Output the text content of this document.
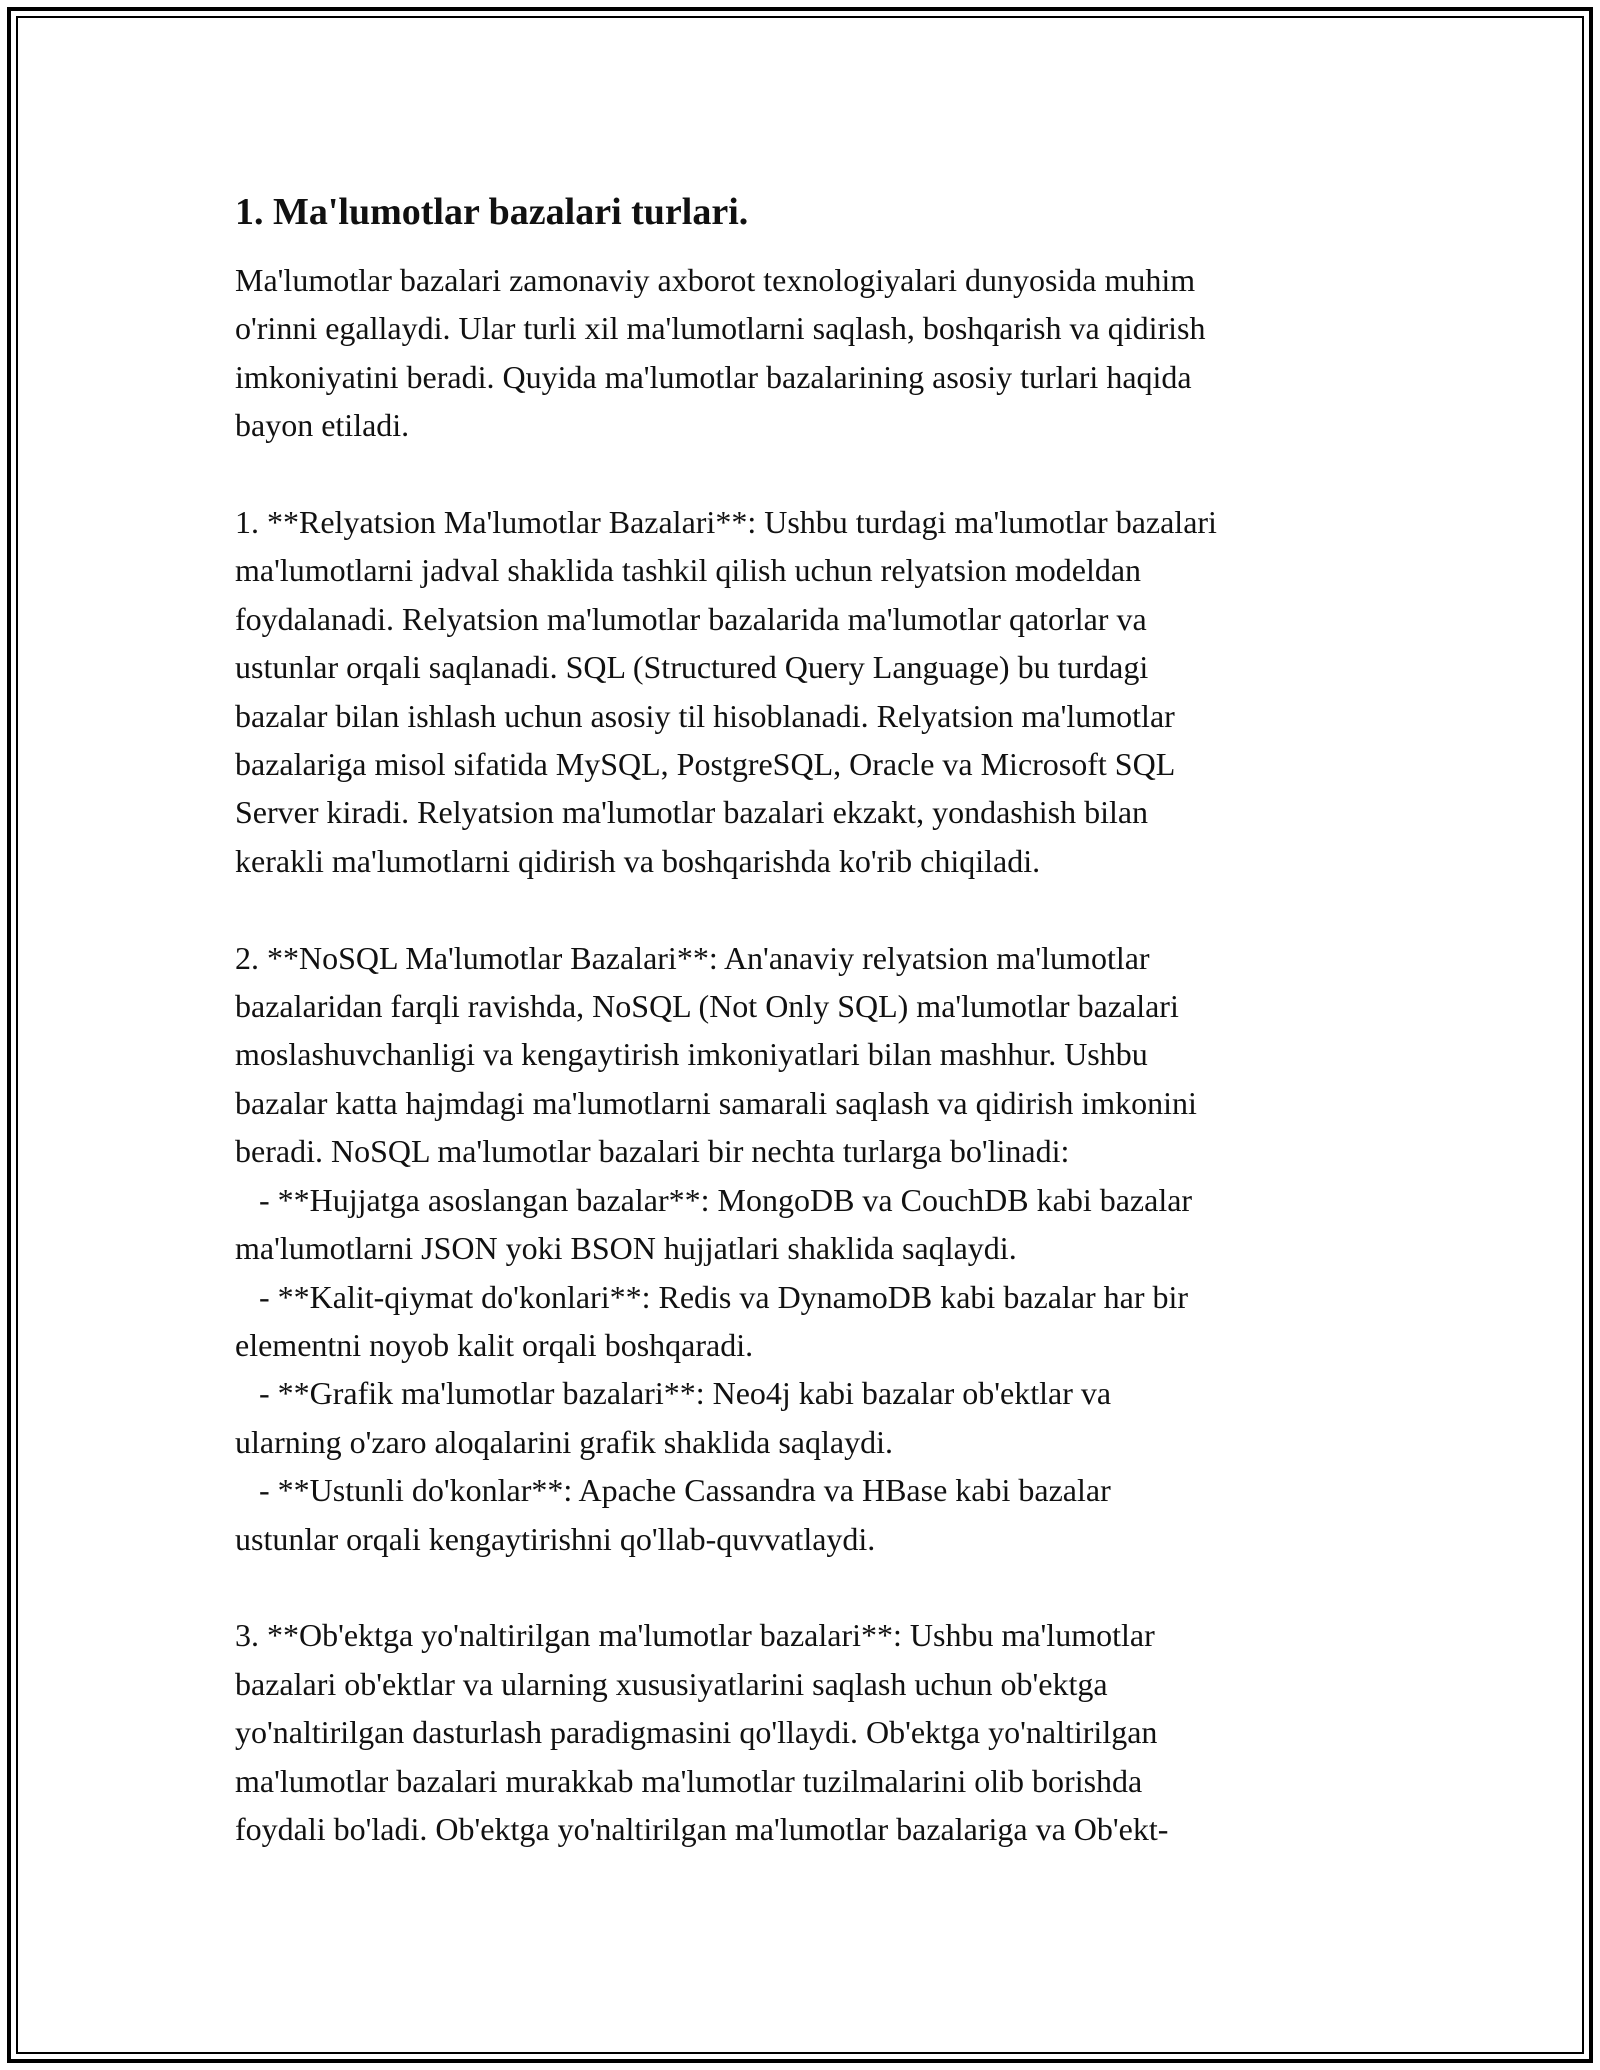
1. Ma'lumotlar bazalari turlari.
Ma'lumotlar bazalari zamonaviy axborot texnologiyalari dunyosida muhim
o'rinni egallaydi. Ular turli xil ma'lumotlarni saqlash, boshqarish va qidirish
imkoniyatini beradi. Quyida ma'lumotlar bazalarining asosiy turlari haqida
bayon etiladi.
1. **Relyatsion Ma'lumotlar Bazalari**: Ushbu turdagi ma'lumotlar bazalari
ma'lumotlarni jadval shaklida tashkil qilish uchun relyatsion modeldan
foydalanadi. Relyatsion ma'lumotlar bazalarida ma'lumotlar qatorlar va
ustunlar orqali saqlanadi. SQL (Structured Query Language) bu turdagi
bazalar bilan ishlash uchun asosiy til hisoblanadi. Relyatsion ma'lumotlar
bazalariga misol sifatida MySQL, PostgreSQL, Oracle va Microsoft SQL
Server kiradi. Relyatsion ma'lumotlar bazalari ekzakt, yondashish bilan
kerakli ma'lumotlarni qidirish va boshqarishda ko'rib chiqiladi.
2. **NoSQL Ma'lumotlar Bazalari**: An'anaviy relyatsion ma'lumotlar
bazalaridan farqli ravishda, NoSQL (Not Only SQL) ma'lumotlar bazalari
moslashuvchanligi va kengaytirish imkoniyatlari bilan mashhur. Ushbu
bazalar katta hajmdagi ma'lumotlarni samarali saqlash va qidirish imkonini
beradi. NoSQL ma'lumotlar bazalari bir nechta turlarga bo'linadi:
- **Hujjatga asoslangan bazalar**: MongoDB va CouchDB kabi bazalar
ma'lumotlarni JSON yoki BSON hujjatlari shaklida saqlaydi.
- **Kalit-qiymat do'konlari**: Redis va DynamoDB kabi bazalar har bir
elementni noyob kalit orqali boshqaradi.
- **Grafik ma'lumotlar bazalari**: Neo4j kabi bazalar ob'ektlar va
ularning o'zaro aloqalarini grafik shaklida saqlaydi.
- **Ustunli do'konlar**: Apache Cassandra va HBase kabi bazalar
ustunlar orqali kengaytirishni qo'llab-quvvatlaydi.
3. **Ob'ektga yo'naltirilgan ma'lumotlar bazalari**: Ushbu ma'lumotlar
bazalari ob'ektlar va ularning xususiyatlarini saqlash uchun ob'ektga
yo'naltirilgan dasturlash paradigmasini qo'llaydi. Ob'ektga yo'naltirilgan
ma'lumotlar bazalari murakkab ma'lumotlar tuzilmalarini olib borishda
foydali bo'ladi. Ob'ektga yo'naltirilgan ma'lumotlar bazalariga va Ob'ekt-
